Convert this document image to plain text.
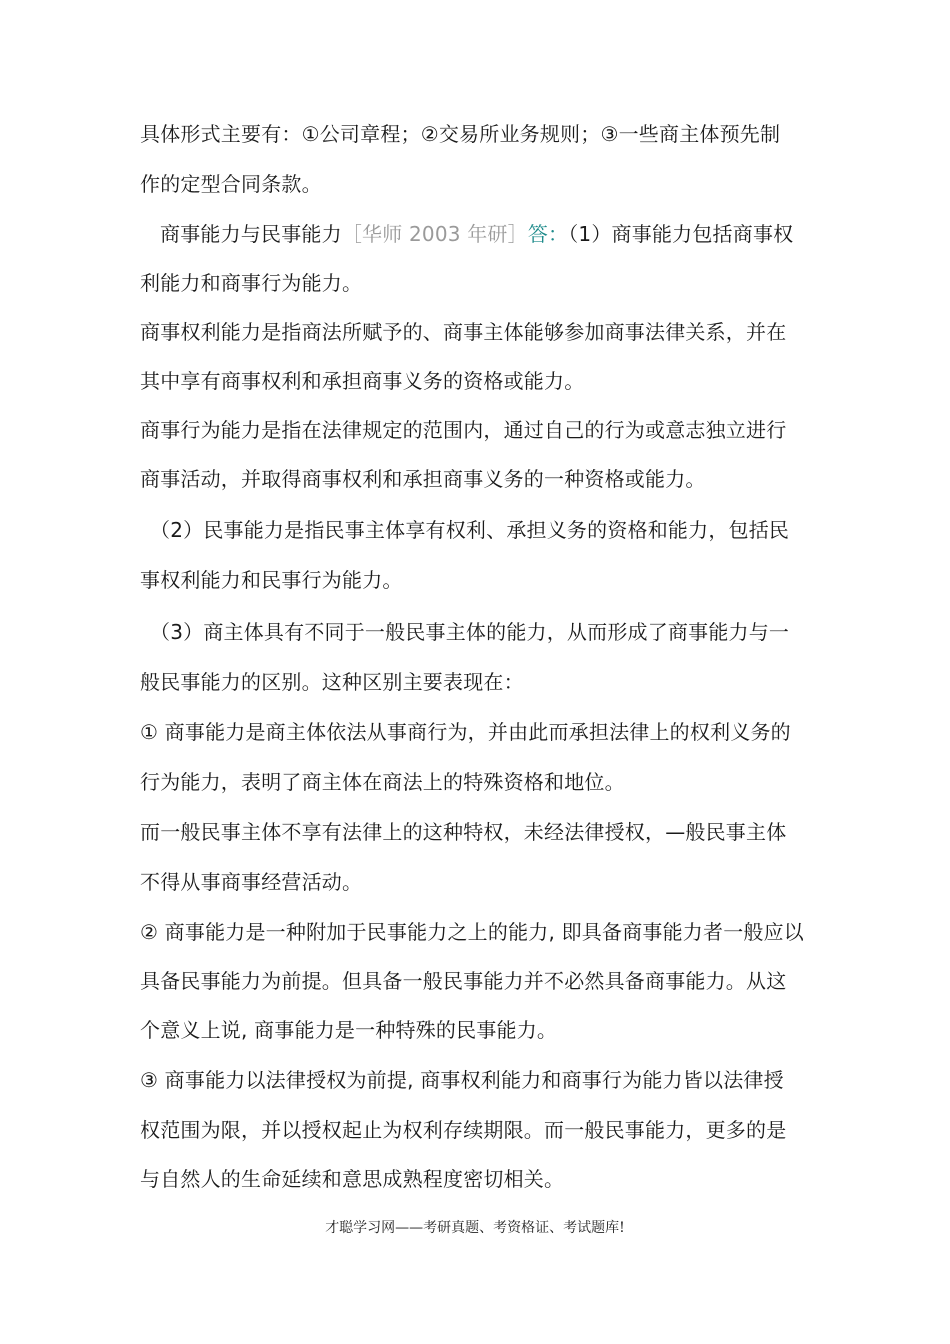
具体形式主要有：①公司章程；②交易所业务规则；③一些商主体预先制
作的定型合同条款。
商事能力与民事能力［华师 2003 年研］答：（1）商事能力包括商事权
利能力和商事行为能力。
商事权利能力是指商法所赋予的、商事主体能够参加商事法律关系，并在
其中享有商事权利和承担商事义务的资格或能力。
商事行为能力是指在法律规定的范围内，通过自己的行为或意志独立进行
商事活动，并取得商事权利和承担商事义务的一种资格或能力。
（2）民事能力是指民事主体享有权利、承担义务的资格和能力，包括民
事权利能力和民事行为能力。
（3）商主体具有不同于一般民事主体的能力，从而形成了商事能力与一
般民事能力的区别。这种区别主要表现在：
① 商事能力是商主体依法从事商行为，并由此而承担法律上的权利义务的
行为能力，表明了商主体在商法上的特殊资格和地位。
而一般民事主体不享有法律上的这种特权，未经法律授权，—般民事主体
不得从事商事经营活动。
② 商事能力是一种附加于民事能力之上的能力, 即具备商事能力者一般应以
具备民事能力为前提。但具备一般民事能力并不必然具备商事能力。从这
个意义上说, 商事能力是一种特殊的民事能力。
③ 商事能力以法律授权为前提, 商事权利能力和商事行为能力皆以法律授
权范围为限，并以授权起止为权利存续期限。而一般民事能力，更多的是
与自然人的生命延续和意思成熟程度密切相关。
才聪学习网——考研真题、考资格证、考试题库!
